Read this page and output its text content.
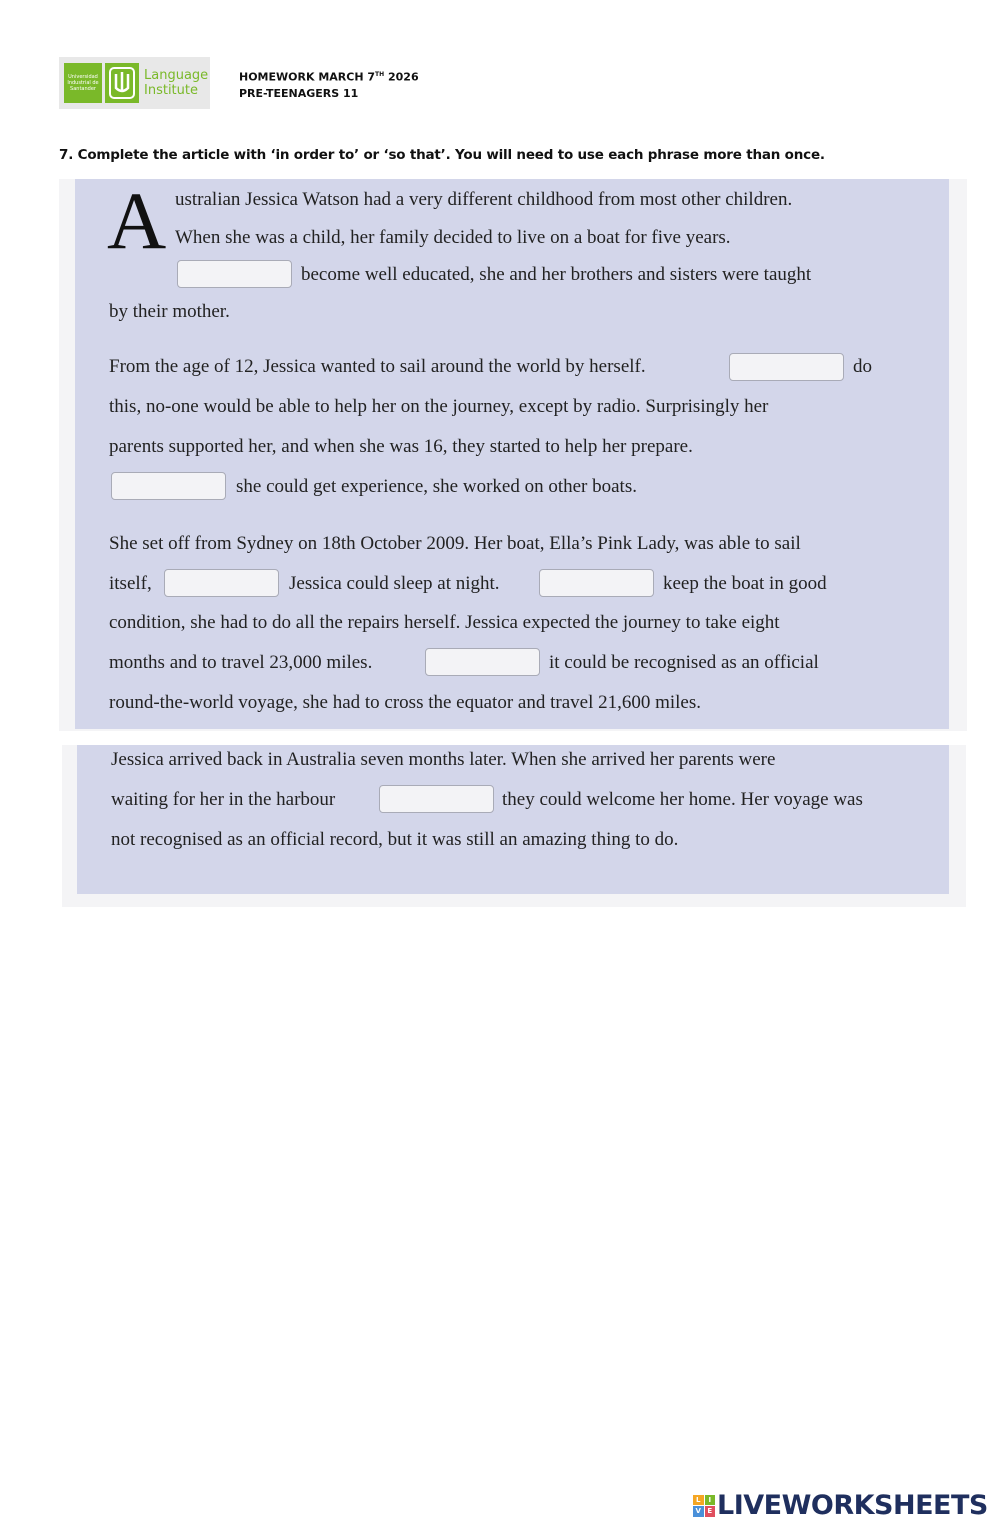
Universidad Industrial de Santander
Language
Institute
HOMEWORK MARCH 7TH 2026
PRE-TEENAGERS 11
7. Complete the article with ‘in order to’ or ‘so that’. You will need to use each phrase more than once.
A ustralian Jessica Watson had a very different childhood from most other children.
When she was a child, her family decided to live on a boat for five years.
become well educated, she and her brothers and sisters were taught
by their mother.
From the age of 12, Jessica wanted to sail around the world by herself.	do
this, no-one would be able to help her on the journey, except by radio. Surprisingly her
parents supported her, and when she was 16, they started to help her prepare.
she could get experience, she worked on other boats.
She set off from Sydney on 18th October 2009. Her boat, Ella’s Pink Lady, was able to sail
itself,	Jessica could sleep at night.	keep the boat in good
condition, she had to do all the repairs herself. Jessica expected the journey to take eight
months and to travel 23,000 miles.	it could be recognised as an official
round-the-world voyage, she had to cross the equator and travel 21,600 miles.
Jessica arrived back in Australia seven months later. When she arrived her parents were
waiting for her in the harbour	they could welcome her home. Her voyage was
not recognised as an official record, but it was still an amazing thing to do.
L	I
V E LIVEWORKSHEETS
